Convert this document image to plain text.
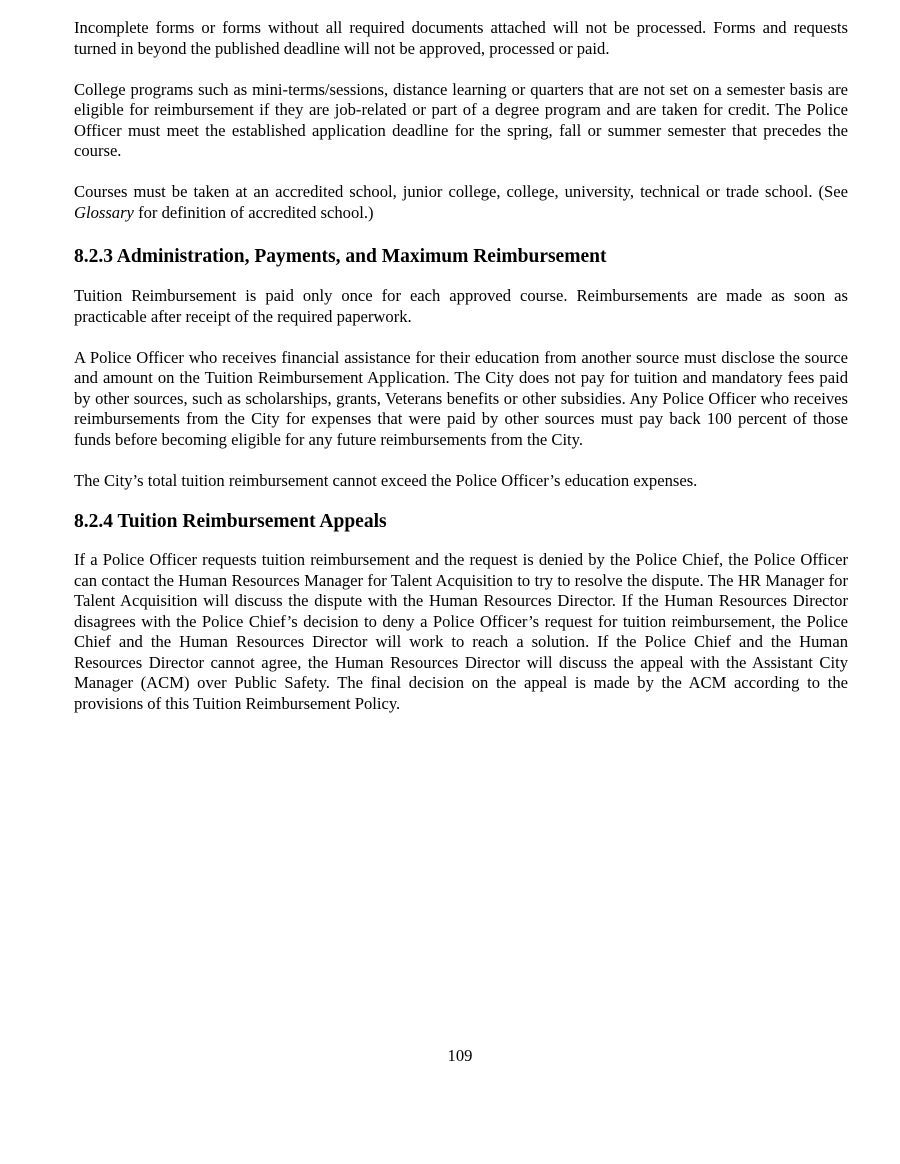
Incomplete forms or forms without all required documents attached will not be processed. Forms and requests turned in beyond the published deadline will not be approved, processed or paid.

College programs such as mini-terms/sessions, distance learning or quarters that are not set on a semester basis are eligible for reimbursement if they are job-related or part of a degree program and are taken for credit. The Police Officer must meet the established application deadline for the spring, fall or summer semester that precedes the course.

Courses must be taken at an accredited school, junior college, college, university, technical or trade school. (See Glossary for definition of accredited school.)

8.2.3 Administration, Payments, and Maximum Reimbursement

Tuition Reimbursement is paid only once for each approved course. Reimbursements are made as soon as practicable after receipt of the required paperwork.

A Police Officer who receives financial assistance for their education from another source must disclose the source and amount on the Tuition Reimbursement Application. The City does not pay for tuition and mandatory fees paid by other sources, such as scholarships, grants, Veterans benefits or other subsidies. Any Police Officer who receives reimbursements from the City for expenses that were paid by other sources must pay back 100 percent of those funds before becoming eligible for any future reimbursements from the City.

The City’s total tuition reimbursement cannot exceed the Police Officer’s education expenses.

8.2.4 Tuition Reimbursement Appeals

If a Police Officer requests tuition reimbursement and the request is denied by the Police Chief, the Police Officer can contact the Human Resources Manager for Talent Acquisition to try to resolve the dispute. The HR Manager for Talent Acquisition will discuss the dispute with the Human Resources Director. If the Human Resources Director disagrees with the Police Chief’s decision to deny a Police Officer’s request for tuition reimbursement, the Police Chief and the Human Resources Director will work to reach a solution. If the Police Chief and the Human Resources Director cannot agree, the Human Resources Director will discuss the appeal with the Assistant City Manager (ACM) over Public Safety. The final decision on the appeal is made by the ACM according to the provisions of this Tuition Reimbursement Policy.

109
